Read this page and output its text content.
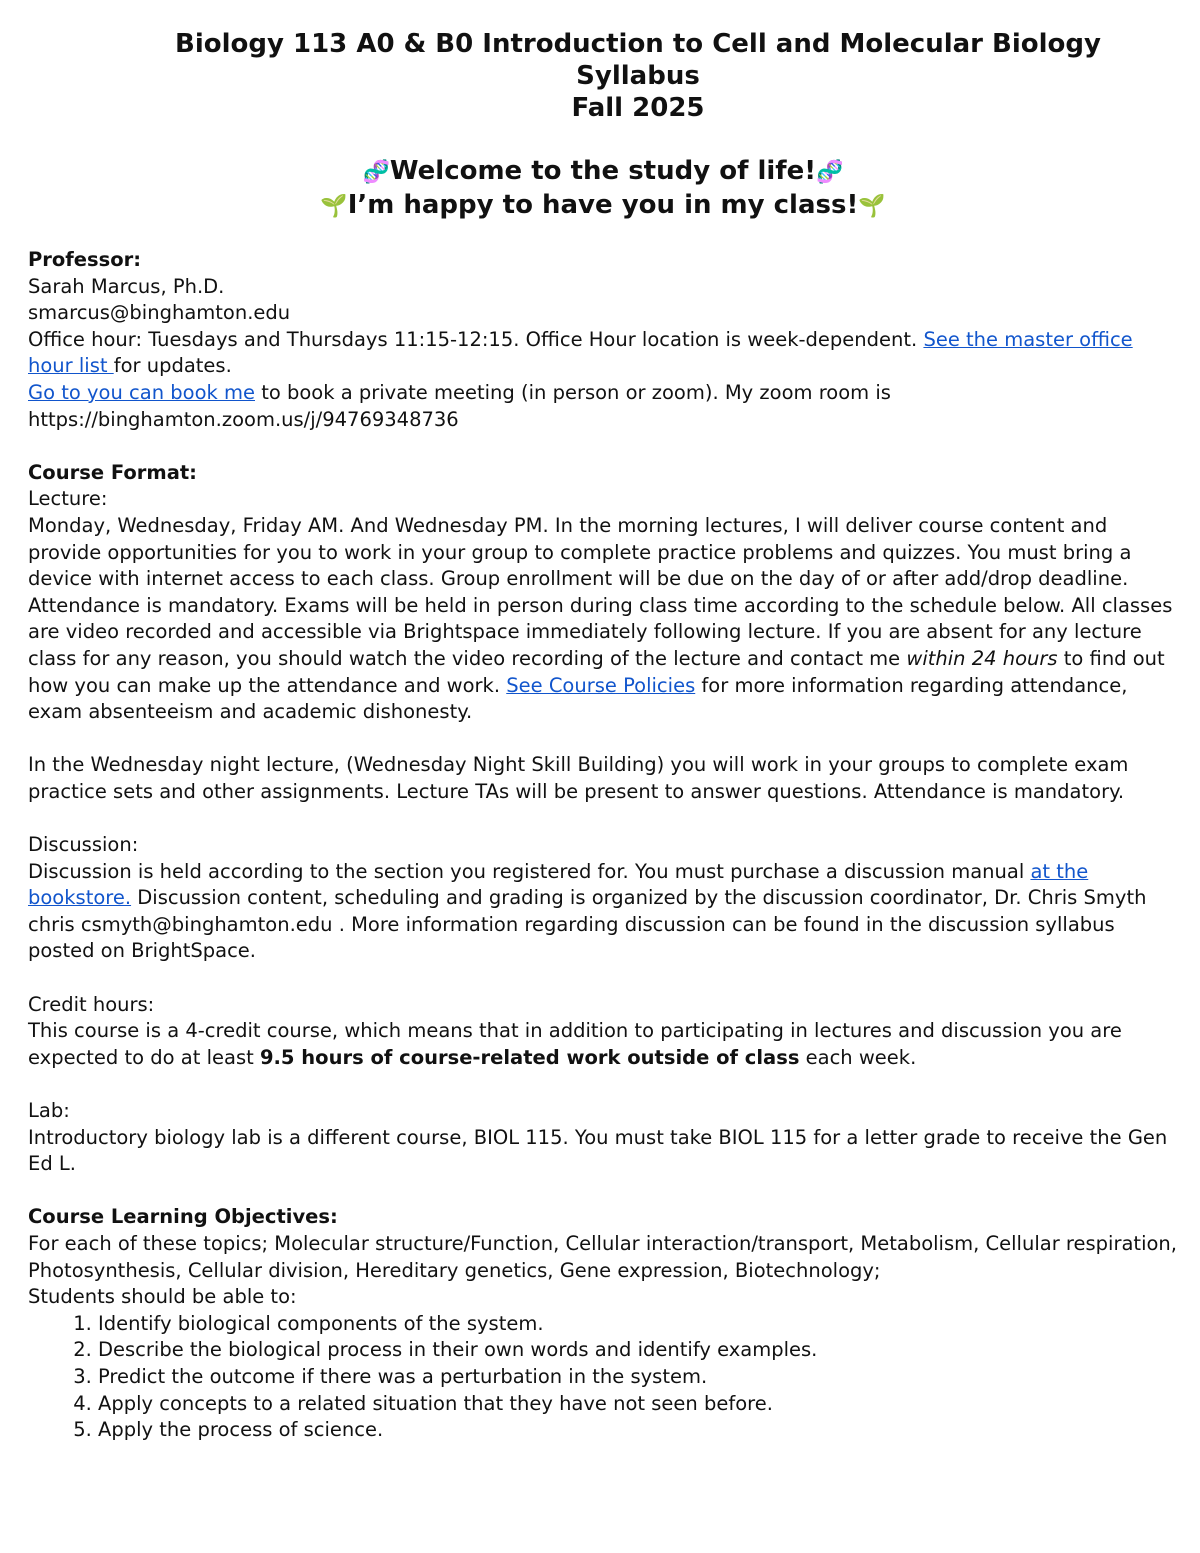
Biology 113 A0 & B0 Introduction to Cell and Molecular Biology

Syllabus

Fall 2025

🧬Welcome to the study of life!🧬
🌱I’m happy to have you in my class!🌱
Professor:
Sarah Marcus, Ph.D.
smarcus@binghamton.edu
Office hour: Tuesdays and Thursdays 11:15-12:15. Office Hour location is week-dependent. See the master office hour list for updates.
Go to you can book me to book a private meeting (in person or zoom). My zoom room is https://binghamton.zoom.us/j/94769348736
Course Format:
Lecture:
Monday, Wednesday, Friday AM. And Wednesday PM. In the morning lectures, I will deliver course content and provide opportunities for you to work in your group to complete practice problems and quizzes. You must bring a device with internet access to each class. Group enrollment will be due on the day of or after add/drop deadline. Attendance is mandatory. Exams will be held in person during class time according to the schedule below. All classes are video recorded and accessible via Brightspace immediately following lecture. If you are absent for any lecture class for any reason, you should watch the video recording of the lecture and contact me within 24 hours to find out how you can make up the attendance and work. See Course Policies for more information regarding attendance, exam absenteeism and academic dishonesty.
In the Wednesday night lecture, (Wednesday Night Skill Building) you will work in your groups to complete exam practice sets and other assignments. Lecture TAs will be present to answer questions. Attendance is mandatory.
Discussion:
Discussion is held according to the section you registered for. You must purchase a discussion manual at the bookstore. Discussion content, scheduling and grading is organized by the discussion coordinator, Dr. Chris Smyth chris csmyth@binghamton.edu . More information regarding discussion can be found in the discussion syllabus posted on BrightSpace.
Credit hours:
This course is a 4-credit course, which means that in addition to participating in lectures and discussion you are expected to do at least 9.5 hours of course-related work outside of class each week.
Lab:
Introductory biology lab is a different course, BIOL 115. You must take BIOL 115 for a letter grade to receive the Gen Ed L.
Course Learning Objectives:
For each of these topics; Molecular structure/Function, Cellular interaction/transport, Metabolism, Cellular respiration, Photosynthesis, Cellular division, Hereditary genetics, Gene expression, Biotechnology;
Students should be able to:
1. Identify biological components of the system.
2. Describe the biological process in their own words and identify examples.
3. Predict the outcome if there was a perturbation in the system.
4. Apply concepts to a related situation that they have not seen before.
5. Apply the process of science.
